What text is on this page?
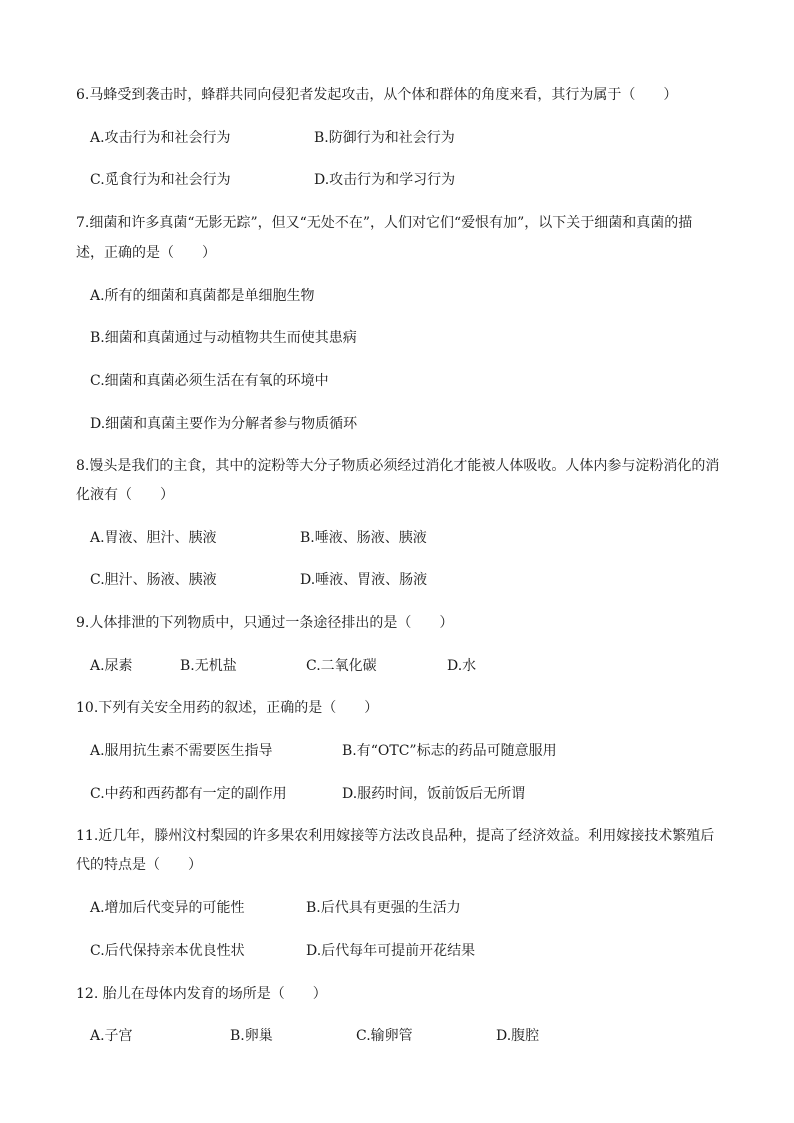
6.马蜂受到袭击时，蜂群共同向侵犯者发起攻击，从个体和群体的角度来看，其行为属于（　　）
A.攻击行为和社会行为	B.防御行为和社会行为
C.觅食行为和社会行为	D.攻击行为和学习行为
7.细菌和许多真菌“无影无踪”，但又“无处不在”，人们对它们“爱恨有加”，以下关于细菌和真菌的描
述，正确的是（　　）
A.所有的细菌和真菌都是单细胞生物
B.细菌和真菌通过与动植物共生而使其患病
C.细菌和真菌必须生活在有氧的环境中
D.细菌和真菌主要作为分解者参与物质循环
8.馒头是我们的主食，其中的淀粉等大分子物质必须经过消化才能被人体吸收。人体内参与淀粉消化的消
化液有（　　）
A.胃液、胆汁、胰液	B.唾液、肠液、胰液
C.胆汁、肠液、胰液	D.唾液、胃液、肠液
9.人体排泄的下列物质中，只通过一条途径排出的是（　　）
A.尿素	B.无机盐	C.二氧化碳	D.水
10.下列有关安全用药的叙述，正确的是（　　）
A.服用抗生素不需要医生指导	B.有“OTC”标志的药品可随意服用
C.中药和西药都有一定的副作用	D.服药时间，饭前饭后无所谓
11.近几年，滕州汶村梨园的许多果农利用嫁接等方法改良品种，提高了经济效益。利用嫁接技术繁殖后
代的特点是（　　）
A.增加后代变异的可能性	B.后代具有更强的生活力
C.后代保持亲本优良性状	D.后代每年可提前开花结果
12. 胎儿在母体内发育的场所是（　　）
A.子宫	B.卵巢	C.输卵管	D.腹腔
